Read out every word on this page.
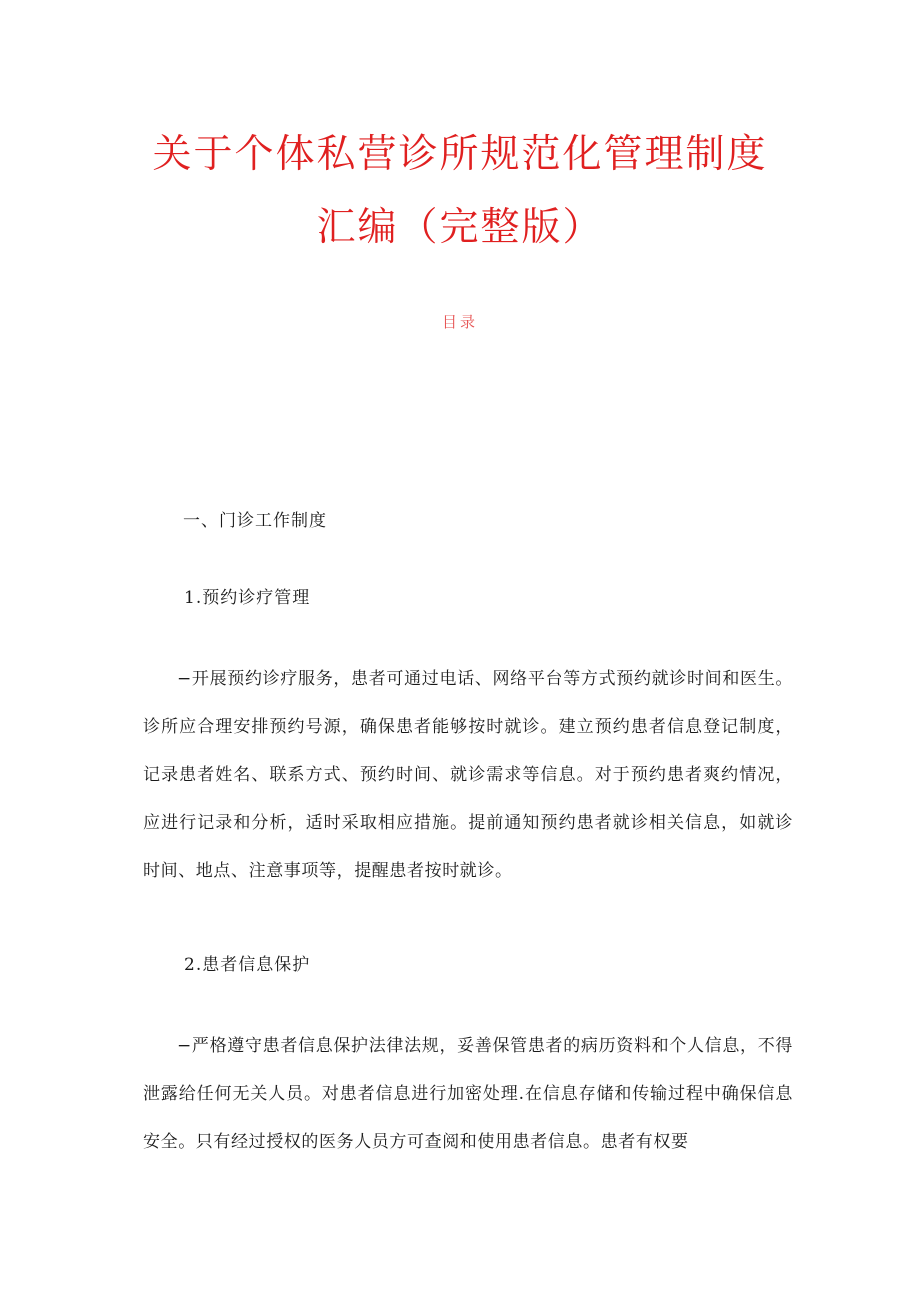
关于个体私营诊所规范化管理制度
汇编（完整版）
目录
一、门诊工作制度
1.预约诊疗管理
−开展预约诊疗服务，患者可通过电话、网络平台等方式预约就诊时间和医生。诊所应合理安排预约号源，确保患者能够按时就诊。建立预约患者信息登记制度，记录患者姓名、联系方式、预约时间、就诊需求等信息。对于预约患者爽约情况，应进行记录和分析，适时采取相应措施。提前通知预约患者就诊相关信息，如就诊时间、地点、注意事项等，提醒患者按时就诊。
2.患者信息保护
−严格遵守患者信息保护法律法规，妥善保管患者的病历资料和个人信息，不得泄露给任何无关人员。对患者信息进行加密处理.在信息存储和传输过程中确保信息安全。只有经过授权的医务人员方可查阅和使用患者信息。患者有权要
